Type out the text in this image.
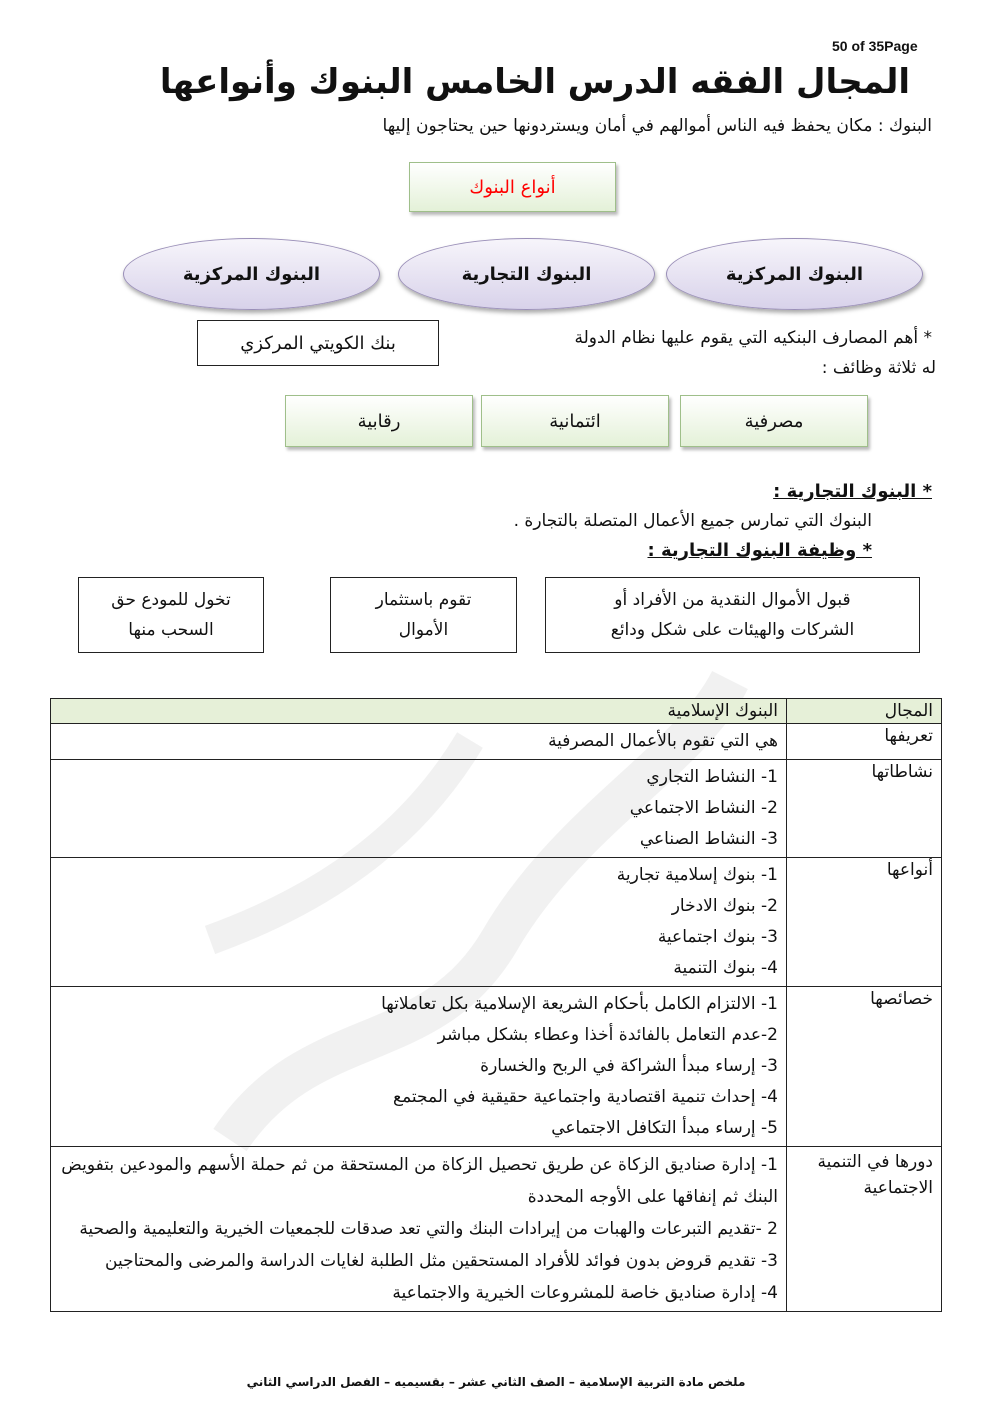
50 of 35Page
المجال الفقه الدرس الخامس البنوك وأنواعها
البنوك : مكان يحفظ فيه الناس أموالهم في أمان ويستردونها حين يحتاجون إليها
أنواع البنوك
البنوك المركزية
البنوك التجارية
البنوك المركزية
* أهم المصارف البنكيه التي يقوم عليها نظام الدولة
بنك الكويتي المركزي
له ثلاثة وظائف :
مصرفية
ائتمانية
رقابية
* البنوك التجارية :
البنوك التي تمارس جميع الأعمال المتصلة بالتجارة .
* وظيفة البنوك التجارية :
قبول الأموال النقدية من الأفراد أو
الشركات والهيئات على شكل ودائع
تقوم باستثمار
الأموال
تخول للمودع حق
السحب منها
المجال	البنوك الإسلامية
تعريفها	هي التي تقوم بالأعمال المصرفية

نشاطاتها	1- النشاط التجاري
2- النشاط الاجتماعي
3- النشاط الصناعي

أنواعها	1- بنوك إسلامية تجارية
2- بنوك الادخار
3- بنوك اجتماعية
4- بنوك التنمية

خصائصها	1- الالتزام الكامل بأحكام الشريعة الإسلامية بكل تعاملاتها
2-عدم التعامل بالفائدة أخذا وعطاء بشكل مباشر
3- إرساء مبدأ الشراكة في الربح والخسارة
4- إحداث تنمية اقتصادية واجتماعية حقيقية في المجتمع
5- إرساء مبدأ التكافل الاجتماعي

دورها في التنمية الاجتماعية	1- إدارة صناديق الزكاة عن طريق تحصيل الزكاة من المستحقة من ثم حملة الأسهم والمودعين بتفويض البنك ثم إنفاقها على الأوجه المحددة
2 -تقديم التبرعات والهبات من إيرادات البنك والتي تعد صدقات للجمعيات الخيرية والتعليمية والصحية
3- تقديم قروض بدون فوائد للأفراد المستحقين مثل الطلبة لغايات الدراسة والمرضى والمحتاجين
4- إدارة صناديق خاصة للمشروعات الخيرية والاجتماعية
ملخص مادة التربية الإسلامية – الصف الثاني عشر – بقسيميه – الفصل الدراسي الثاني
